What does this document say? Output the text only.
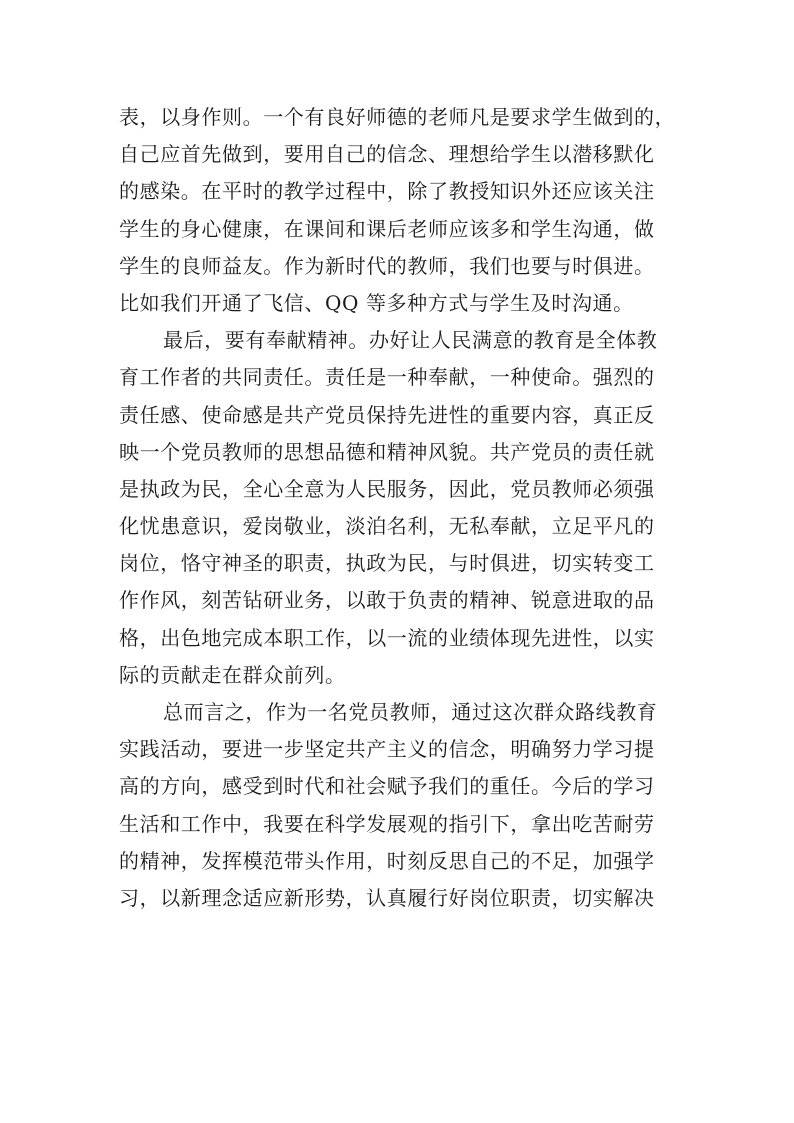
表，以身作则。一个有良好师德的老师凡是要求学生做到的，
自己应首先做到，要用自己的信念、理想给学生以潜移默化
的感染。在平时的教学过程中，除了教授知识外还应该关注
学生的身心健康，在课间和课后老师应该多和学生沟通，做
学生的良师益友。作为新时代的教师，我们也要与时俱进。
比如我们开通了飞信、QQ 等多种方式与学生及时沟通。
最后，要有奉献精神。办好让人民满意的教育是全体教
育工作者的共同责任。责任是一种奉献，一种使命。强烈的
责任感、使命感是共产党员保持先进性的重要内容，真正反
映一个党员教师的思想品德和精神风貌。共产党员的责任就
是执政为民，全心全意为人民服务，因此，党员教师必须强
化忧患意识，爱岗敬业，淡泊名利，无私奉献，立足平凡的
岗位，恪守神圣的职责，执政为民，与时俱进，切实转变工
作作风，刻苦钻研业务，以敢于负责的精神、锐意进取的品
格，出色地完成本职工作，以一流的业绩体现先进性，以实
际的贡献走在群众前列。
总而言之，作为一名党员教师，通过这次群众路线教育
实践活动，要进一步坚定共产主义的信念，明确努力学习提
高的方向，感受到时代和社会赋予我们的重任。今后的学习
生活和工作中，我要在科学发展观的指引下，拿出吃苦耐劳
的精神，发挥模范带头作用，时刻反思自己的不足，加强学
习，以新理念适应新形势，认真履行好岗位职责，切实解决
